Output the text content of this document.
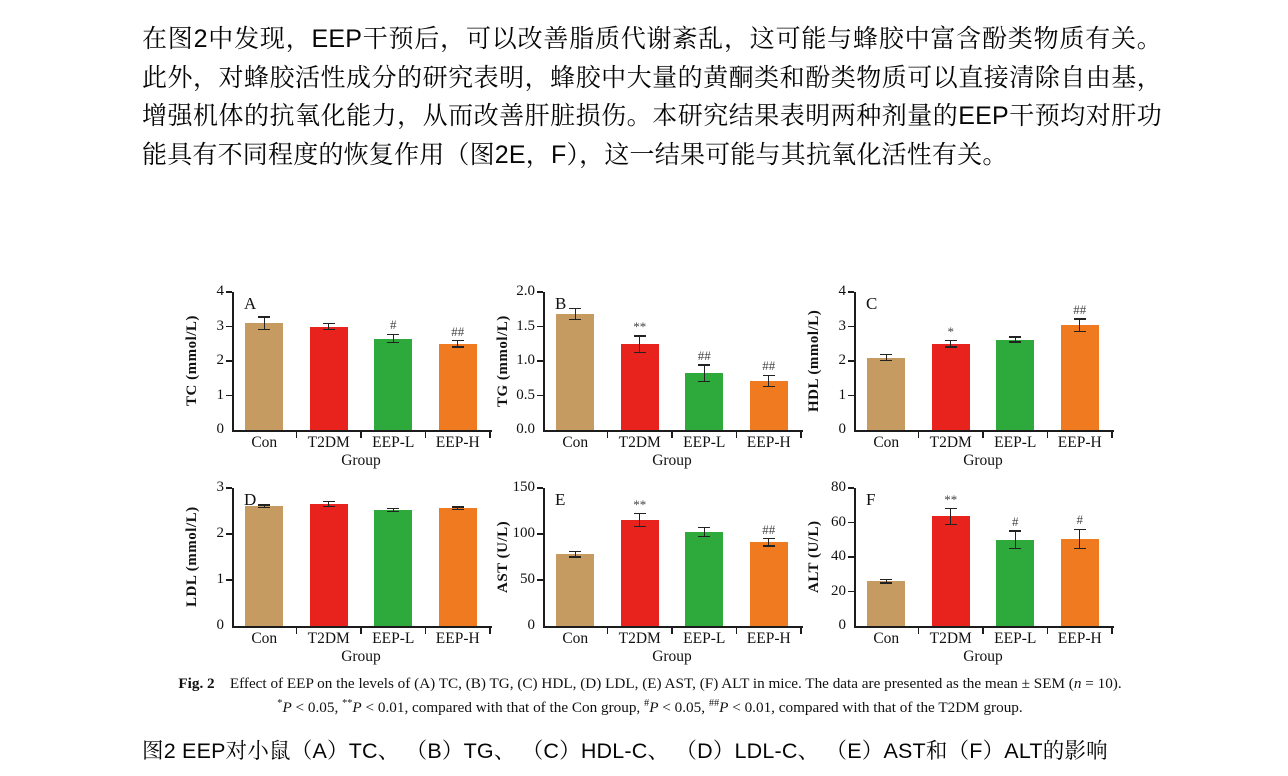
在图2中发现，EEP干预后，可以改善脂质代谢紊乱，这可能与蜂胶中富含酚类物质有关。此外，对蜂胶活性成分的研究表明，蜂胶中大量的黄酮类和酚类物质可以直接清除自由基，增强机体的抗氧化能力，从而改善肝脏损伤。本研究结果表明两种剂量的EEP干预均对肝功能具有不同程度的恢复作用（图2E，F），这一结果可能与其抗氧化活性有关。

0
1
2
3
4
Con	T2DM
#
EEP-L
##
EEP-H
A
TC (mmol/L)
Group
0.0
0.5
1.0
1.5
2.0
Con
**
T2DM
##
EEP-L
##
EEP-H
B
TG (mmol/L)
Group
0
1
2
3
4
Con
*
T2DM	EEP-L
##
EEP-H
C
HDL (mmol/L)
Group
0
1
2
3
Con	T2DM	EEP-L	EEP-H
D
LDL (mmol/L)
Group
0
50
100
150
Con
**
T2DM	EEP-L
##
EEP-H
E
AST (U/L)
Group
0
20
40
60
80
Con
**
T2DM
#
EEP-L
#
EEP-H
F
ALT (U/L)
Group
Fig. 2  Effect of EEP on the levels of (A) TC, (B) TG, (C) HDL, (D) LDL, (E) AST, (F) ALT in mice. The data are presented as the mean ± SEM (n = 10).
*P < 0.05, **P < 0.01, compared with that of the Con group, #P < 0.05, ##P < 0.01, compared with that of the T2DM group.

图2 EEP对小鼠（A）TC、 （B）TG、 （C）HDL-C、 （D）LDL-C、 （E）AST和（F）ALT的影响
